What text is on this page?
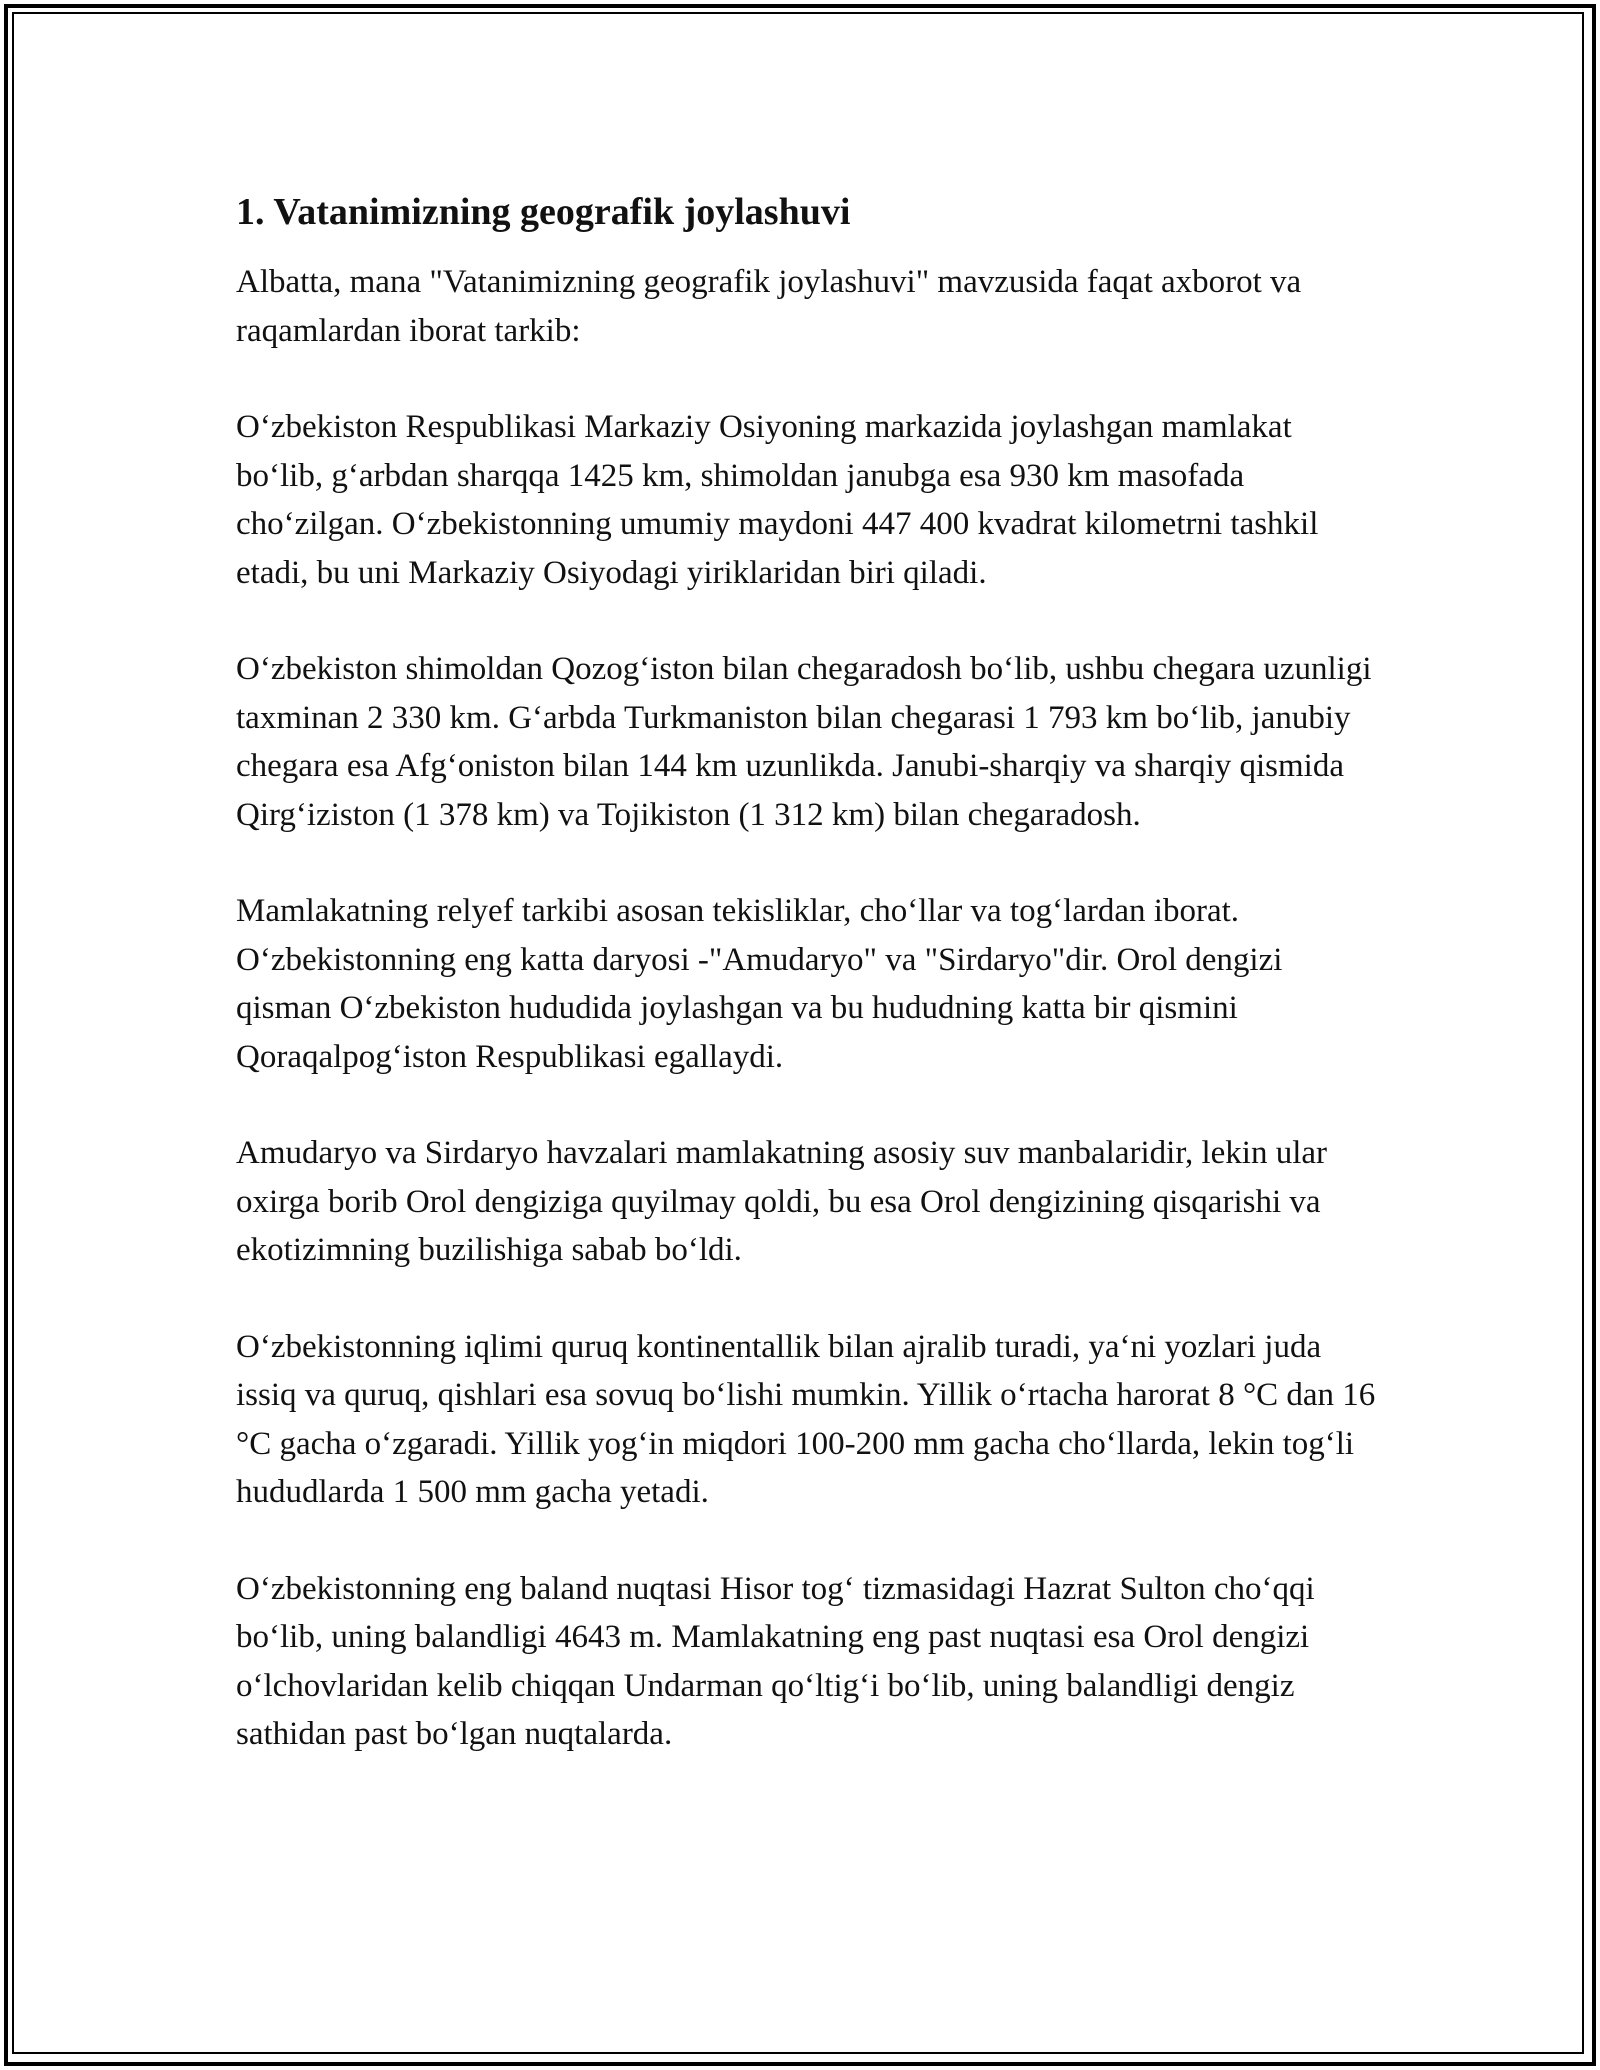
1. Vatanimizning geografik joylashuvi

Albatta, mana "Vatanimizning geografik joylashuvi" mavzusida faqat axborot va raqamlardan iborat tarkib:

O‘zbekiston Respublikasi Markaziy Osiyoning markazida joylashgan mamlakat bo‘lib, g‘arbdan sharqqa 1425 km, shimoldan janubga esa 930 km masofada cho‘zilgan. O‘zbekistonning umumiy maydoni 447 400 kvadrat kilometrni tashkil etadi, bu uni Markaziy Osiyodagi yiriklaridan biri qiladi.

O‘zbekiston shimoldan Qozog‘iston bilan chegaradosh bo‘lib, ushbu chegara uzunligi taxminan 2 330 km. G‘arbda Turkmaniston bilan chegarasi 1 793 km bo‘lib, janubiy chegara esa Afg‘oniston bilan 144 km uzunlikda. Janubi-sharqiy va sharqiy qismida Qirg‘iziston (1 378 km) va Tojikiston (1 312 km) bilan chegaradosh.

Mamlakatning relyef tarkibi asosan tekisliklar, cho‘llar va tog‘lardan iborat. O‘zbekistonning eng katta daryosi -"Amudaryo" va "Sirdaryo"dir. Orol dengizi qisman O‘zbekiston hududida joylashgan va bu hududning katta bir qismini Qoraqalpog‘iston Respublikasi egallaydi.

Amudaryo va Sirdaryo havzalari mamlakatning asosiy suv manbalaridir, lekin ular oxirga borib Orol dengiziga quyilmay qoldi, bu esa Orol dengizining qisqarishi va ekotizimning buzilishiga sabab bo‘ldi.

O‘zbekistonning iqlimi quruq kontinentallik bilan ajralib turadi, ya‘ni yozlari juda issiq va quruq, qishlari esa sovuq bo‘lishi mumkin. Yillik o‘rtacha harorat 8 °C dan 16 °C gacha o‘zgaradi. Yillik yog‘in miqdori 100-200 mm gacha cho‘llarda, lekin tog‘li hududlarda 1 500 mm gacha yetadi.

O‘zbekistonning eng baland nuqtasi Hisor tog‘ tizmasidagi Hazrat Sulton cho‘qqi bo‘lib, uning balandligi 4643 m. Mamlakatning eng past nuqtasi esa Orol dengizi o‘lchovlaridan kelib chiqqan Undarman qo‘ltig‘i bo‘lib, uning balandligi dengiz sathidan past bo‘lgan nuqtalarda.
